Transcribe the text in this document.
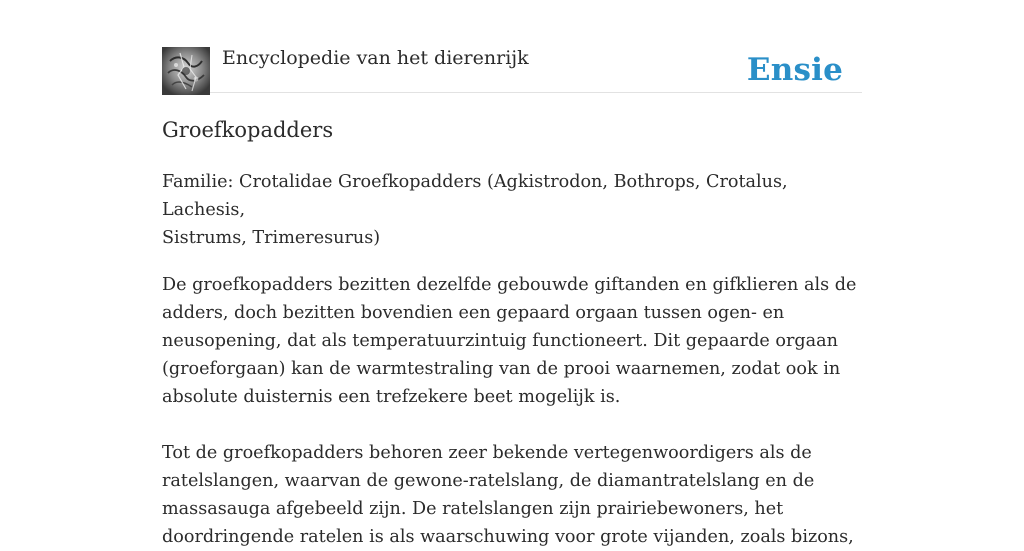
Encyclopedie van het dierenrijk	Ensie
Groefkopadders

Familie: Crotalidae Groefkopadders (Agkistrodon, Bothrops, Crotalus, Lachesis,
Sistrums, Trimeresurus)

De groefkopadders bezitten dezelfde gebouwde giftanden en gifklieren als de
adders, doch bezitten bovendien een gepaard orgaan tussen ogen- en
neusopening, dat als temperatuurzintuig functioneert. Dit gepaarde orgaan
(groeforgaan) kan de warmtestraling van de prooi waarnemen, zodat ook in
absolute duisternis een trefzekere beet mogelijk is.

Tot de groefkopadders behoren zeer bekende vertegenwoordigers als de
ratelslangen, waarvan de gewone-ratelslang, de diamantratelslang en de
massasauga afgebeeld zijn. De ratelslangen zijn prairiebewoners, het
doordringende ratelen is als waarschuwing voor grote vijanden, zoals bizons,
